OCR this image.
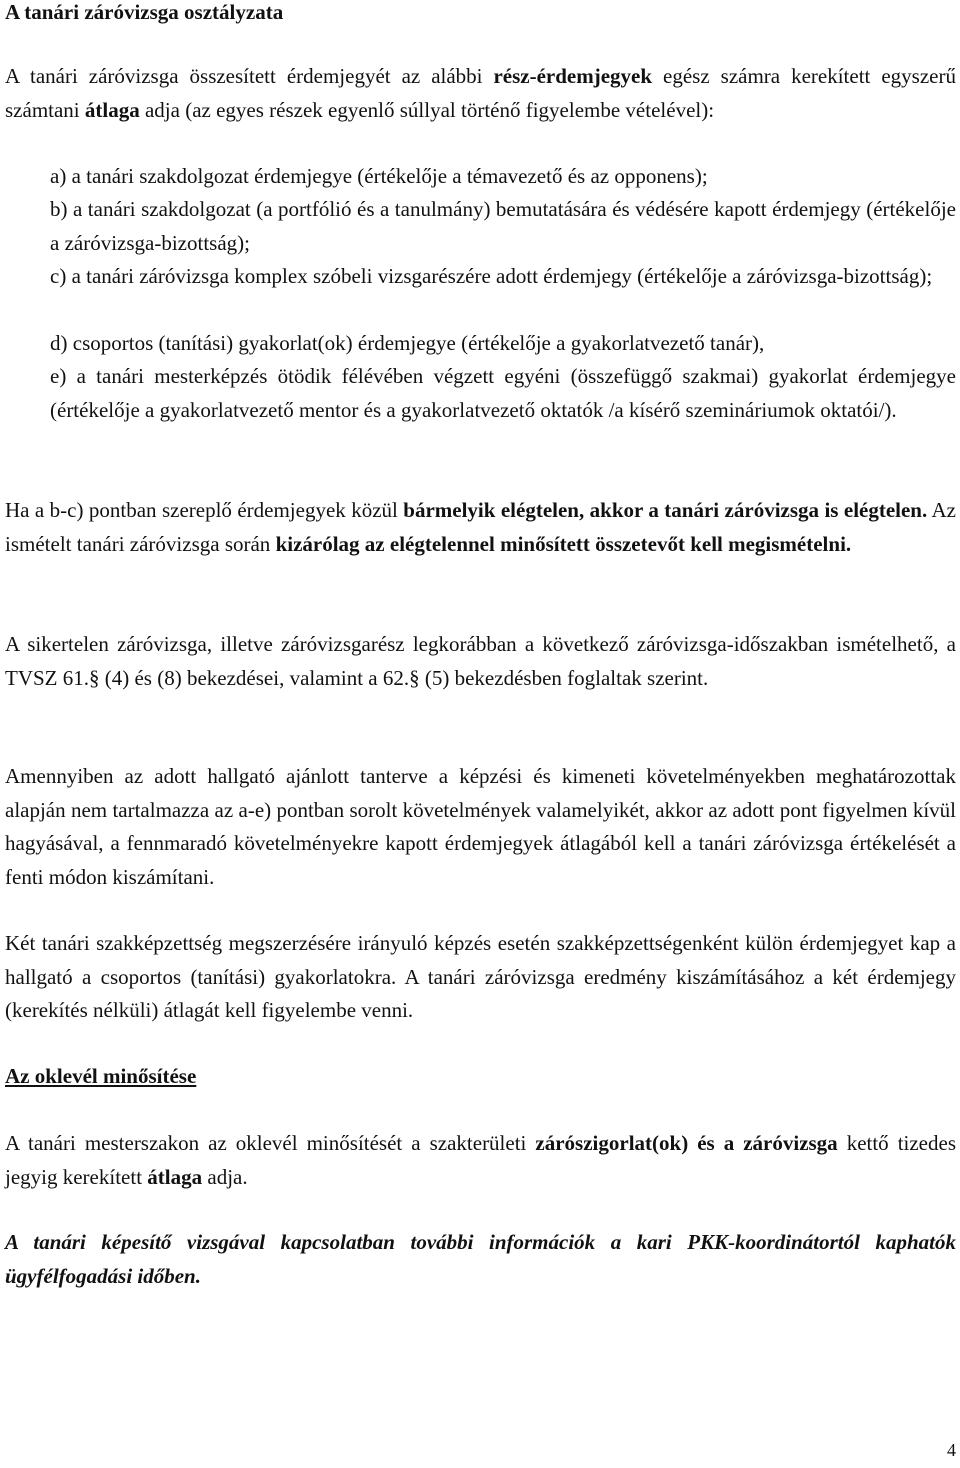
A tanári záróvizsga osztályzata

A tanári záróvizsga összesített érdemjegyét az alábbi rész-érdemjegyek egész számra kerekített egyszerű számtani átlaga adja (az egyes részek egyenlő súllyal történő figyelembe vételével):

a) a tanári szakdolgozat érdemjegye (értékelője a témavezető és az opponens);

b) a tanári szakdolgozat (a portfólió és a tanulmány) bemutatására és védésére kapott érdemjegy (értékelője a záróvizsga-bizottság);

c) a tanári záróvizsga komplex szóbeli vizsgarészére adott érdemjegy (értékelője a záróvizsga-bizottság);

d) csoportos (tanítási) gyakorlat(ok) érdemjegye (értékelője a gyakorlatvezető tanár),

e) a tanári mesterképzés ötödik félévében végzett egyéni (összefüggő szakmai) gyakorlat érdemjegye (értékelője a gyakorlatvezető mentor és a gyakorlatvezető oktatók /a kísérő szemináriumok oktatói/).

Ha a b-c) pontban szereplő érdemjegyek közül bármelyik elégtelen, akkor a tanári záróvizsga is elégtelen. Az ismételt tanári záróvizsga során kizárólag az elégtelennel minősített összetevőt kell megismételni.

A sikertelen záróvizsga, illetve záróvizsgarész legkorábban a következő záróvizsga-időszakban ismételhető, a TVSZ 61.§ (4) és (8) bekezdései, valamint a 62.§ (5) bekezdésben foglaltak szerint.

Amennyiben az adott hallgató ajánlott tanterve a képzési és kimeneti követelményekben meghatározottak alapján nem tartalmazza az a-e) pontban sorolt követelmények valamelyikét, akkor az adott pont figyelmen kívül hagyásával, a fennmaradó követelményekre kapott érdemjegyek átlagából kell a tanári záróvizsga értékelését a fenti módon kiszámítani.

Két tanári szakképzettség megszerzésére irányuló képzés esetén szakképzettségenként külön érdemjegyet kap a hallgató a csoportos (tanítási) gyakorlatokra. A tanári záróvizsga eredmény kiszámításához a két érdemjegy (kerekítés nélküli) átlagát kell figyelembe venni.

Az oklevél minősítése

A tanári mesterszakon az oklevél minősítését a szakterületi zárószigorlat(ok) és a záróvizsga kettő tizedes jegyig kerekített átlaga adja.

A tanári képesítő vizsgával kapcsolatban további információk a kari PKK-koordinátortól kaphatók ügyfélfogadási időben.

4
